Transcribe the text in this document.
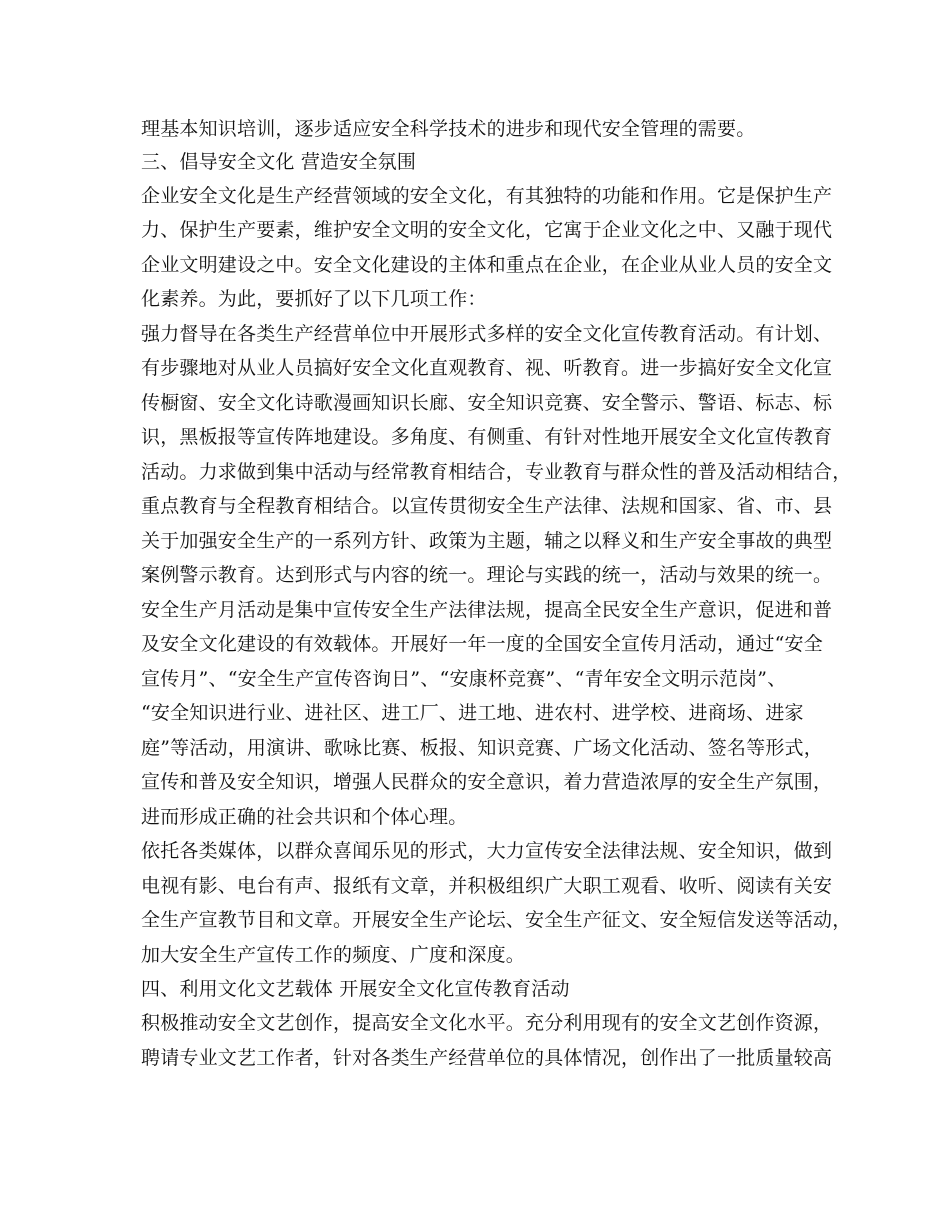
理基本知识培训，逐步适应安全科学技术的进步和现代安全管理的需要。
三、倡导安全文化 营造安全氛围
企业安全文化是生产经营领域的安全文化，有其独特的功能和作用。它是保护生产
力、保护生产要素，维护安全文明的安全文化，它寓于企业文化之中、又融于现代
企业文明建设之中。安全文化建设的主体和重点在企业，在企业从业人员的安全文
化素养。为此，要抓好了以下几项工作：
强力督导在各类生产经营单位中开展形式多样的安全文化宣传教育活动。有计划、
有步骤地对从业人员搞好安全文化直观教育、视、听教育。进一步搞好安全文化宣
传橱窗、安全文化诗歌漫画知识长廊、安全知识竞赛、安全警示、警语、标志、标
识，黑板报等宣传阵地建设。多角度、有侧重、有针对性地开展安全文化宣传教育
活动。力求做到集中活动与经常教育相结合，专业教育与群众性的普及活动相结合，
重点教育与全程教育相结合。以宣传贯彻安全生产法律、法规和国家、省、市、县
关于加强安全生产的一系列方针、政策为主题，辅之以释义和生产安全事故的典型
案例警示教育。达到形式与内容的统一。理论与实践的统一，活动与效果的统一。
安全生产月活动是集中宣传安全生产法律法规，提高全民安全生产意识，促进和普
及安全文化建设的有效载体。开展好一年一度的全国安全宣传月活动，通过“安全
宣传月”、“安全生产宣传咨询日”、“安康杯竞赛”、“青年安全文明示范岗”、
“安全知识进行业、进社区、进工厂、进工地、进农村、进学校、进商场、进家
庭”等活动，用演讲、歌咏比赛、板报、知识竞赛、广场文化活动、签名等形式，
宣传和普及安全知识，增强人民群众的安全意识，着力营造浓厚的安全生产氛围，
进而形成正确的社会共识和个体心理。
依托各类媒体，以群众喜闻乐见的形式，大力宣传安全法律法规、安全知识，做到
电视有影、电台有声、报纸有文章，并积极组织广大职工观看、收听、阅读有关安
全生产宣教节目和文章。开展安全生产论坛、安全生产征文、安全短信发送等活动，
加大安全生产宣传工作的频度、广度和深度。
四、利用文化文艺载体 开展安全文化宣传教育活动
积极推动安全文艺创作，提高安全文化水平。充分利用现有的安全文艺创作资源，
聘请专业文艺工作者，针对各类生产经营单位的具体情况，创作出了一批质量较高
